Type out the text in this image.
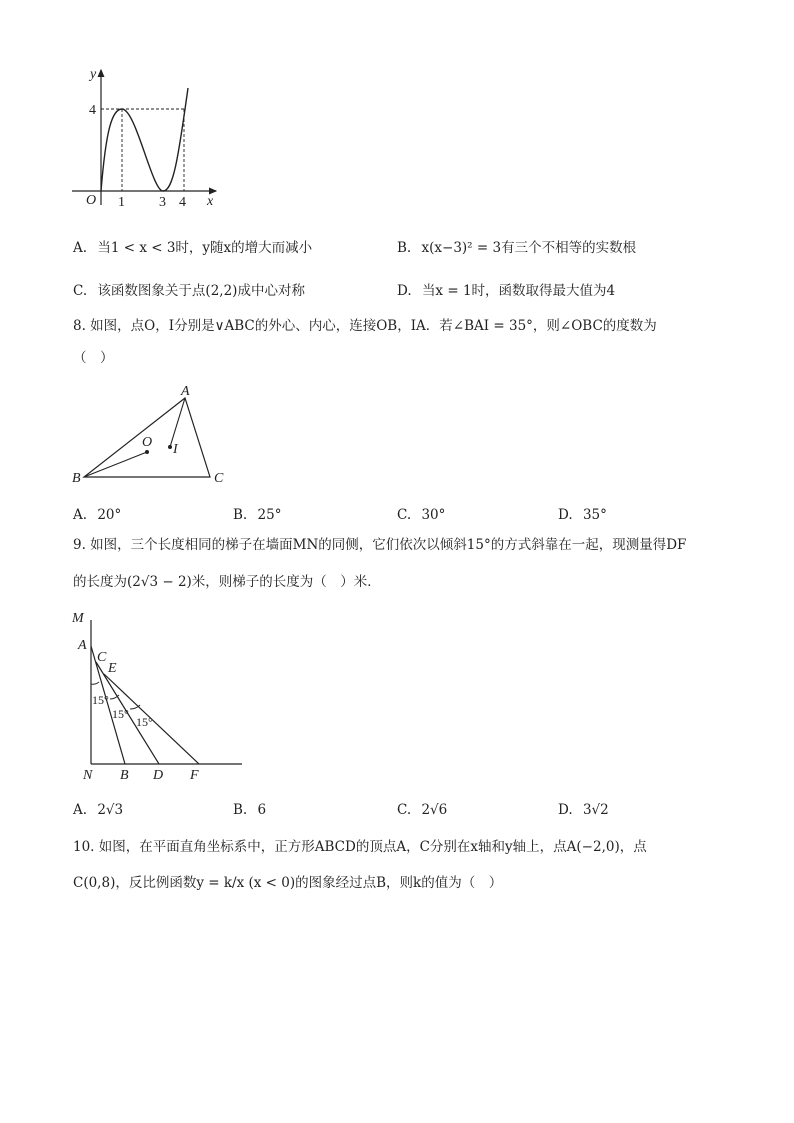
y
x
O
4
1 3 4
A. 当1 < x < 3时，y随x的增大而减小	B. x(x−3)² = 3有三个不相等的实数根
C. 该函数图象关于点(2,2)成中心对称	D. 当x = 1时，函数取得最大值为4
8. 如图，点O，I分别是∨ABC的外心、内心，连接OB，IA．若∠BAI = 35°，则∠OBC的度数为
（　）
A
B	C
O I
A. 20°	B. 25°	C. 30°	D. 35°
9. 如图，三个长度相同的梯子在墙面MN的同侧，它们依次以倾斜15°的方式斜靠在一起，现测量得DF
的长度为(2√3 − 2)米，则梯子的长度为（　）米．
M
A
C
E
15°
15°
15°
N B D F
A. 2√3	B. 6	C. 2√6	D. 3√2
10. 如图，在平面直角坐标系中，正方形ABCD的顶点A，C分别在x轴和y轴上，点A(−2,0)，点
C(0,8)，反比例函数y = k/x (x < 0)的图象经过点B，则k的值为（　）
